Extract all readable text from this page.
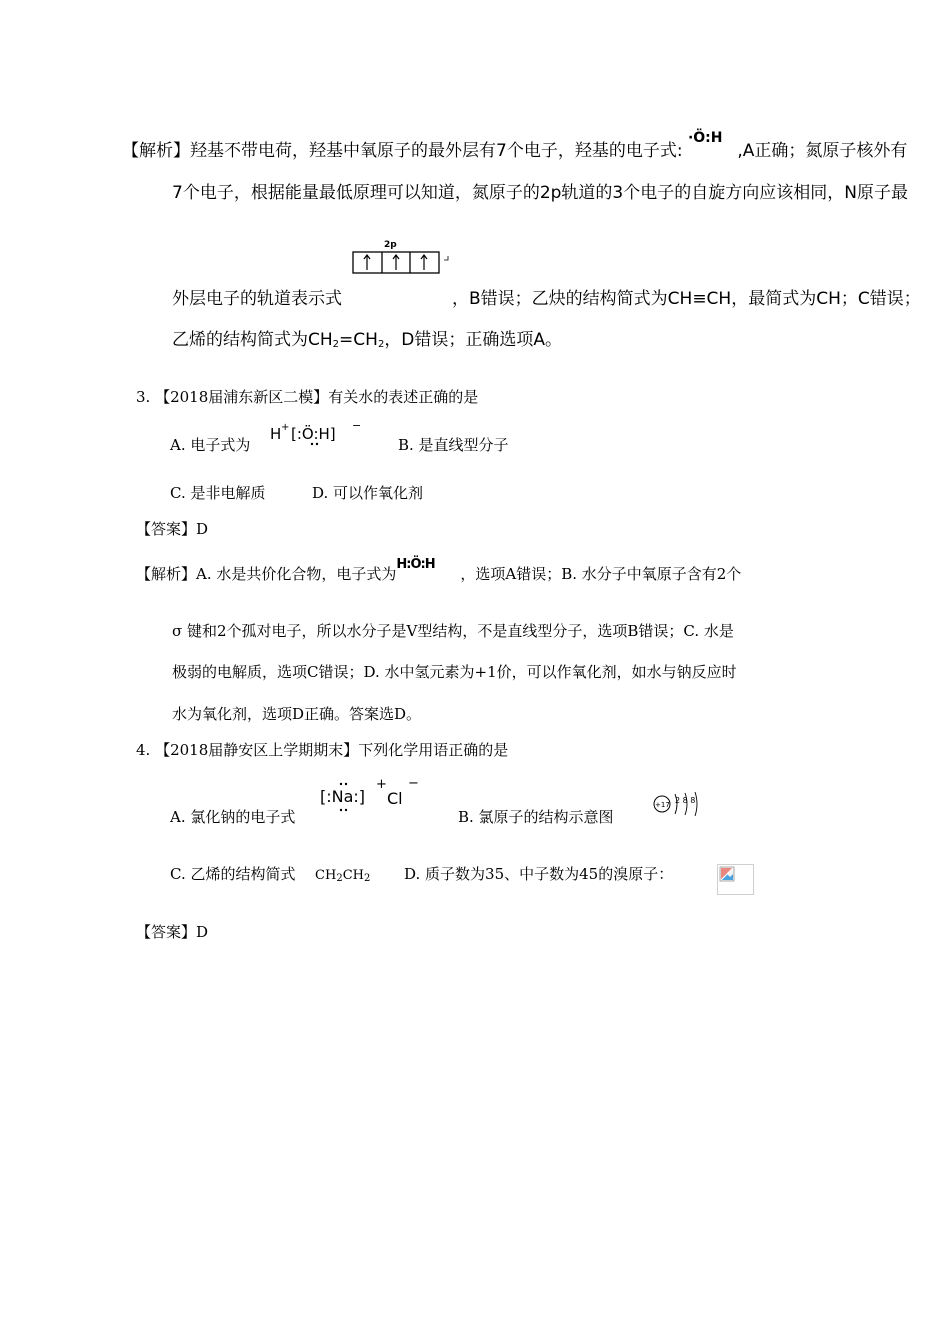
【解析】羟基不带电荷，羟基中氧原子的最外层有7个电子，羟基的电子式: ·Ö:H ,A正确；氮原子核外有
7个电子，根据能量最低原理可以知道，氮原子的2p轨道的3个电子的自旋方向应该相同，N原子最
2p
外层电子的轨道表示式	，B错误；乙炔的结构简式为CH≡CH，最简式为CH；C错误；
乙烯的结构简式为$CH_2=CH_2$，D错误；正确选项A。
3. 【2018届浦东新区二模】有关水的表述正确的是
A. 电子式为
H + [:Ö:H] −
B. 是直线型分子
C. 是非电解质	D. 可以作氧化剂
【答案】D
【解析】A. 水是共价化合物，电子式为H:Ö:H，选项A错误；B. 水分子中氧原子含有2个
σ 键和2个孤对电子，所以水分子是V型结构，不是直线型分子，选项B错误；C. 水是
极弱的电解质，选项C错误；D. 水中氢元素为+1价，可以作氧化剂，如水与钠反应时
水为氧化剂，选项D正确。答案选D。
4. 【2018届静安区上学期期末】下列化学用语正确的是
A. 氯化钠的电子式
[:Na:]
+
Cl
−
B. 氯原子的结构示意图
+17 2 8 8
C. 乙烯的结构简式 $CH_2CH_2$ D. 质子数为35、中子数为45的溴原子：
【答案】D
